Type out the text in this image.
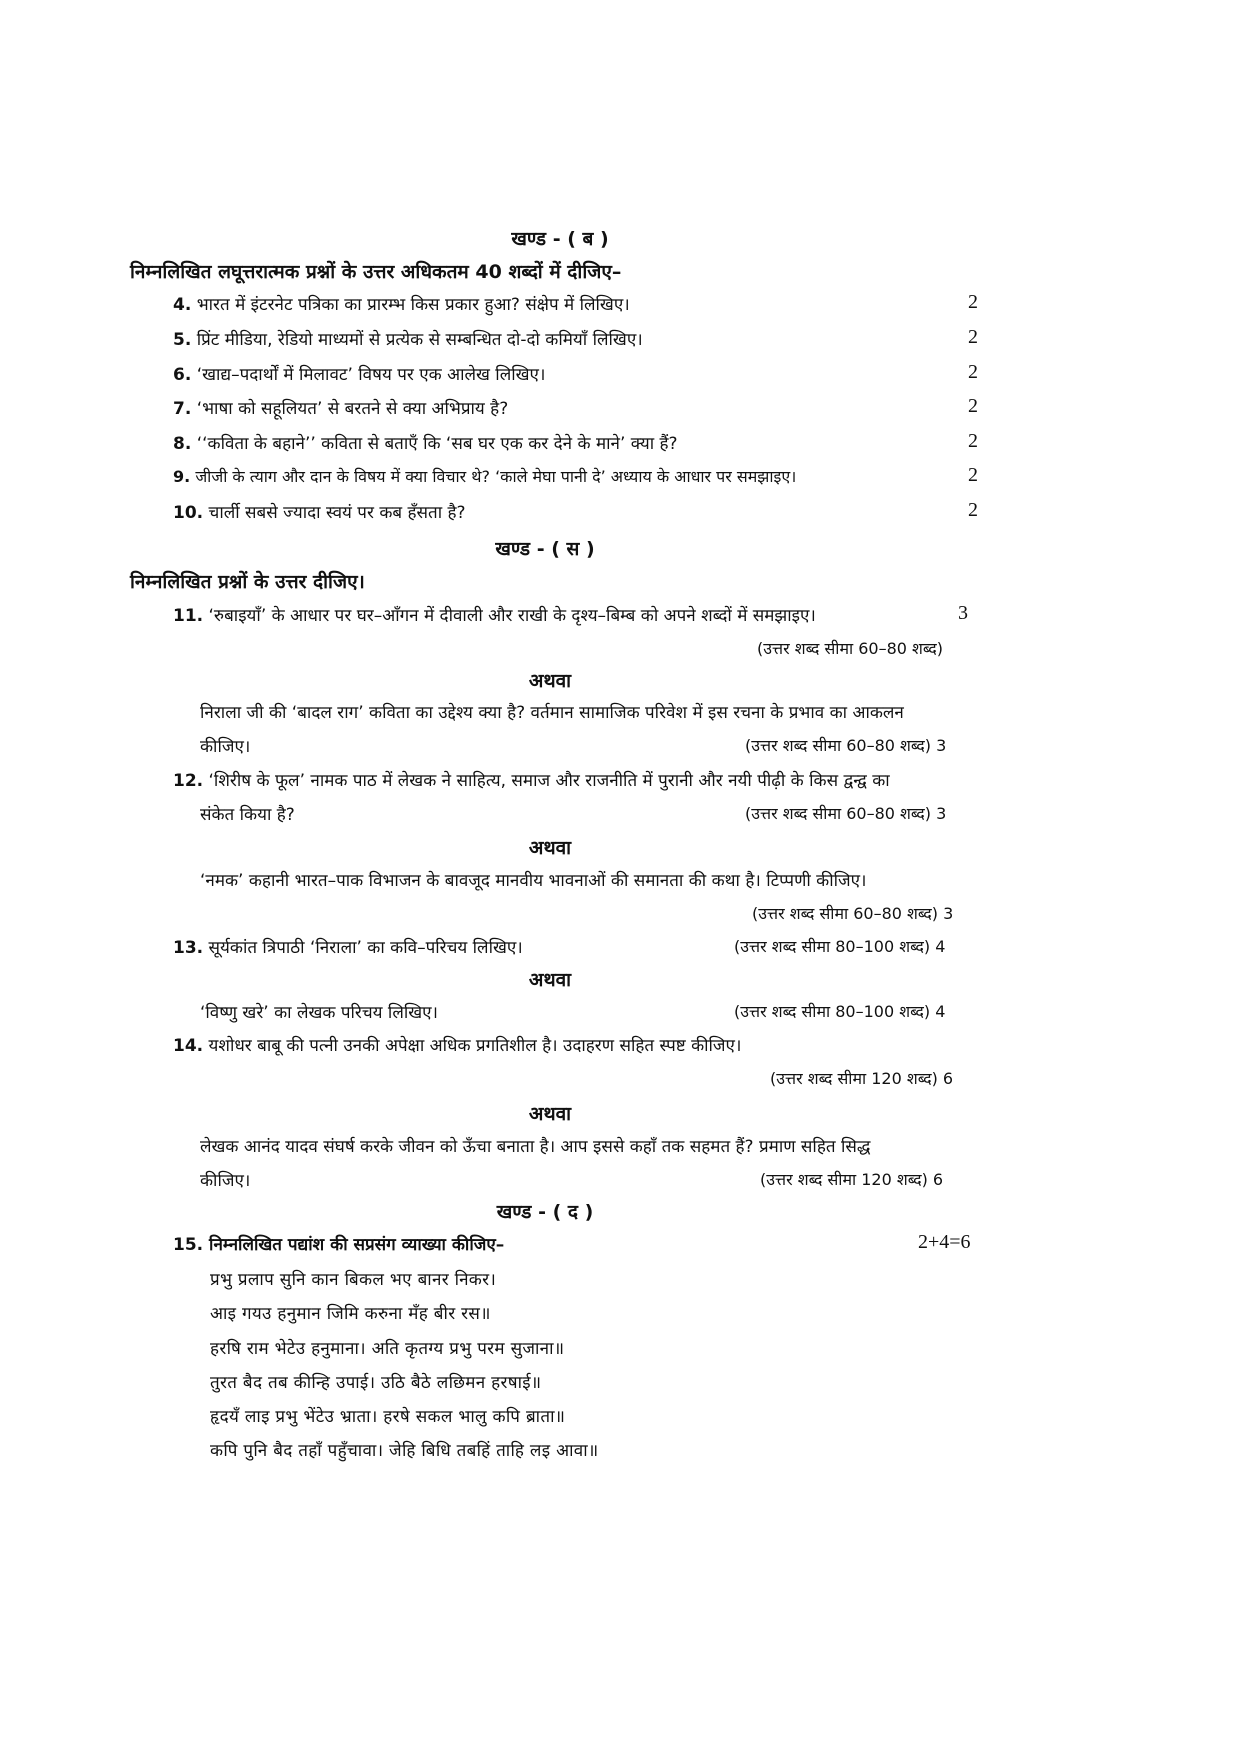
खण्ड - ( ब )
निम्नलिखित लघूत्तरात्मक प्रश्नों के उत्तर अधिकतम 40 शब्दों में दीजिए–
4. भारत में इंटरनेट पत्रिका का प्रारम्भ किस प्रकार हुआ? संक्षेप में लिखिए।	2
5. प्रिंट मीडिया, रेडियो माध्यमों से प्रत्येक से सम्बन्धित दो-दो कमियाँ लिखिए।	2
6. ‘खाद्य–पदार्थों में मिलावट’ विषय पर एक आलेख लिखिए।	2
7. ‘भाषा को सहूलियत’ से बरतने से क्या अभिप्राय है?	2
8. ‘‘कविता के बहाने’’ कविता से बताएँ कि ‘सब घर एक कर देने के माने’ क्या हैं?	2
9. जीजी के त्याग और दान के विषय में क्या विचार थे? ‘काले मेघा पानी दे’ अध्याय के आधार पर समझाइए।	2
10. चार्ली सबसे ज्यादा स्वयं पर कब हँसता है?	2
खण्ड - ( स )
निम्नलिखित प्रश्नों के उत्तर दीजिए।
11. ‘रुबाइयाँ’ के आधार पर घर–आँगन में दीवाली और राखी के दृश्य–बिम्ब को अपने शब्दों में समझाइए।	3
(उत्तर शब्द सीमा 60–80 शब्द)
अथवा
निराला जी की ‘बादल राग’ कविता का उद्देश्य क्या है? वर्तमान सामाजिक परिवेश में इस रचना के प्रभाव का आकलन
कीजिए।	(उत्तर शब्द सीमा 60–80 शब्द) 3
12. ‘शिरीष के फूल’ नामक पाठ में लेखक ने साहित्य, समाज और राजनीति में पुरानी और नयी पीढ़ी के किस द्वन्द्व का
संकेत किया है?	(उत्तर शब्द सीमा 60–80 शब्द) 3
अथवा
‘नमक’ कहानी भारत–पाक विभाजन के बावजूद मानवीय भावनाओं की समानता की कथा है। टिप्पणी कीजिए।
(उत्तर शब्द सीमा 60–80 शब्द) 3
13. सूर्यकांत त्रिपाठी ‘निराला’ का कवि–परिचय लिखिए।	(उत्तर शब्द सीमा 80–100 शब्द) 4
अथवा
‘विष्णु खरे’ का लेखक परिचय लिखिए।	(उत्तर शब्द सीमा 80–100 शब्द) 4
14. यशोधर बाबू की पत्नी उनकी अपेक्षा अधिक प्रगतिशील है। उदाहरण सहित स्पष्ट कीजिए।
(उत्तर शब्द सीमा 120 शब्द) 6
अथवा
लेखक आनंद यादव संघर्ष करके जीवन को ऊँचा बनाता है। आप इससे कहाँ तक सहमत हैं? प्रमाण सहित सिद्ध
कीजिए।	(उत्तर शब्द सीमा 120 शब्द) 6
खण्ड - ( द )
15. निम्नलिखित पद्यांश की सप्रसंग व्याख्या कीजिए–	2+4=6
प्रभु प्रलाप सुनि कान बिकल भए बानर निकर।
आइ गयउ हनुमान जिमि करुना मँह बीर रस॥
हरषि राम भेटेउ हनुमाना। अति कृतग्य प्रभु परम सुजाना॥
तुरत बैद तब कीन्हि उपाई। उठि बैठे लछिमन हरषाई॥
हृदयँ लाइ प्रभु भेंटेउ भ्राता। हरषे सकल भालु कपि ब्राता॥
कपि पुनि बैद तहाँ पहुँचावा। जेहि बिधि तबहिं ताहि लइ आवा॥
